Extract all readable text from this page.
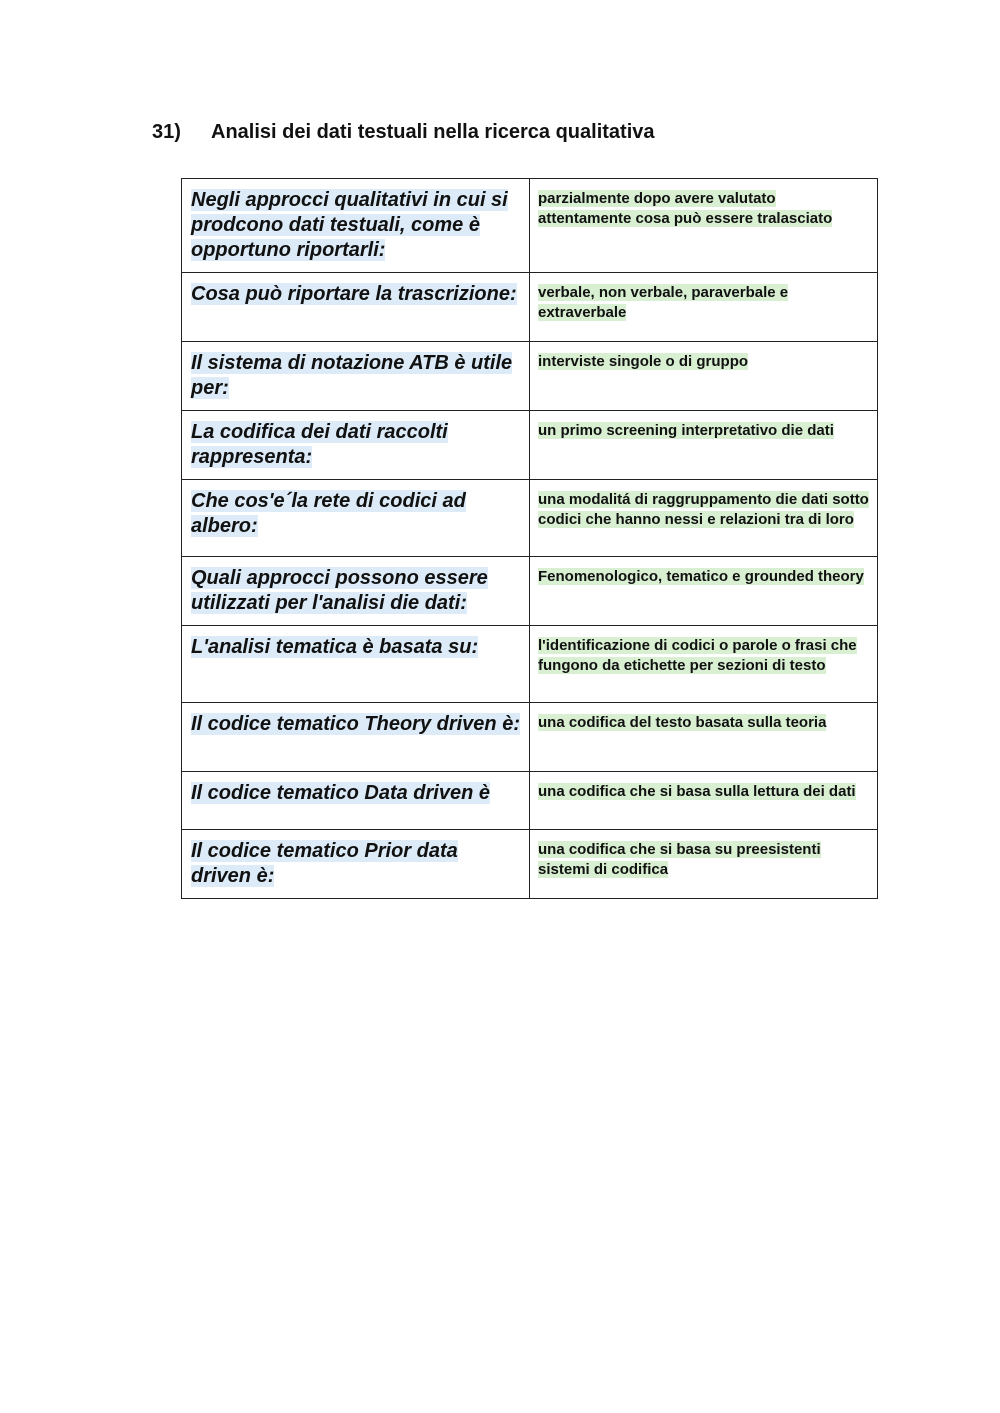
31) Analisi dei dati testuali nella ricerca qualitativa
Negli approcci qualitativi in cui si prodcono dati testuali, come è opportuno riportarli:	parzialmente dopo avere valutato attentamente cosa può essere tralasciato
Cosa può riportare la trascrizione:	verbale, non verbale, paraverbale e extraverbale
Il sistema di notazione ATB è utile per:	interviste singole o di gruppo
La codifica dei dati raccolti rappresenta:	un primo screening interpretativo die dati
Che cos'e´la rete di codici ad albero:	una modalitá di raggruppamento die dati sotto codici che hanno nessi e relazioni tra di loro
Quali approcci possono essere utilizzati per l'analisi die dati:	Fenomenologico, tematico e grounded theory
L'analisi tematica è basata su:	l'identificazione di codici o parole o frasi che fungono da etichette per sezioni di testo
Il codice tematico Theory driven è:	una codifica del testo basata sulla teoria
Il codice tematico Data driven è	una codifica che si basa sulla lettura dei dati
Il codice tematico Prior data driven è:	una codifica che si basa su preesistenti sistemi di codifica
